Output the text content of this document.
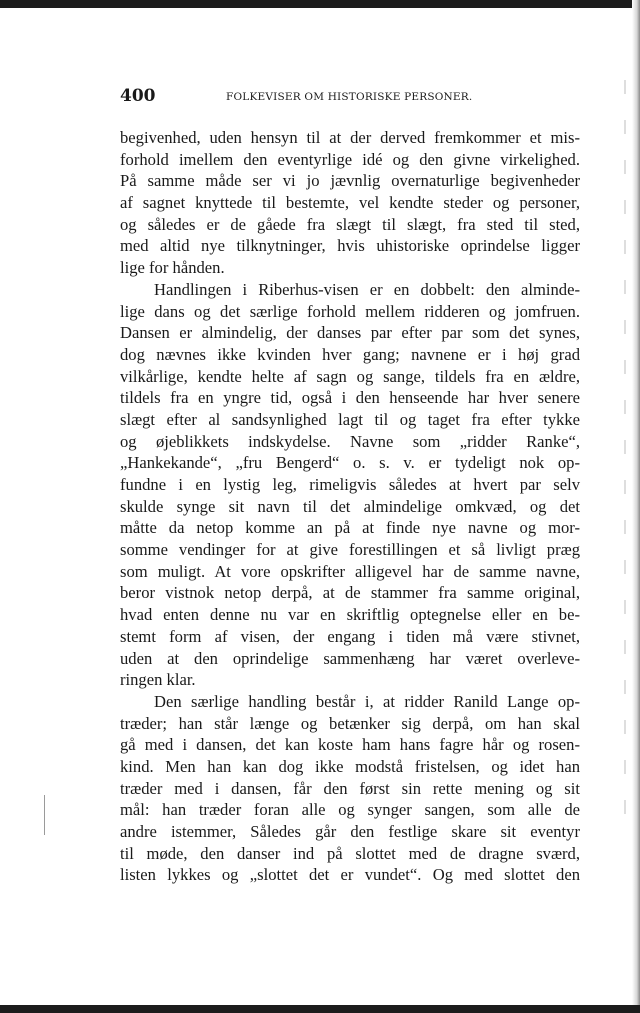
400	FOLKEVISER OM HISTORISKE PERSONER.
begivenhed, uden hensyn til at der derved fremkommer et mis-
forhold imellem den eventyrlige idé og den givne virkelighed.
På samme måde ser vi jo jævnlig overnaturlige begivenheder
af sagnet knyttede til bestemte, vel kendte steder og personer,
og således er de gåede fra slægt til slægt, fra sted til sted,
med altid nye tilknytninger, hvis uhistoriske oprindelse ligger
lige for hånden.
Handlingen i Riberhus-visen er en dobbelt: den alminde-
lige dans og det særlige forhold mellem ridderen og jomfruen.
Dansen er almindelig, der danses par efter par som det synes,
dog nævnes ikke kvinden hver gang; navnene er i høj grad
vilkårlige, kendte helte af sagn og sange, tildels fra en ældre,
tildels fra en yngre tid, også i den henseende har hver senere
slægt efter al sandsynlighed lagt til og taget fra efter tykke
og øjeblikkets indskydelse. Navne som „ridder Ranke“,
„Hankekande“, „fru Bengerd“ o. s. v. er tydeligt nok op-
fundne i en lystig leg, rimeligvis således at hvert par selv
skulde synge sit navn til det almindelige omkvæd, og det
måtte da netop komme an på at finde nye navne og mor-
somme vendinger for at give forestillingen et så livligt præg
som muligt. At vore opskrifter alligevel har de samme navne,
beror vistnok netop derpå, at de stammer fra samme original,
hvad enten denne nu var en skriftlig optegnelse eller en be-
stemt form af visen, der engang i tiden må være stivnet,
uden at den oprindelige sammenhæng har været overleve-
ringen klar.
Den særlige handling består i, at ridder Ranild Lange op-
træder; han står længe og betænker sig derpå, om han skal
gå med i dansen, det kan koste ham hans fagre hår og rosen-
kind. Men han kan dog ikke modstå fristelsen, og idet han
træder med i dansen, får den først sin rette mening og sit
mål: han træder foran alle og synger sangen, som alle de
andre istemmer, Således går den festlige skare sit eventyr
til møde, den danser ind på slottet med de dragne sværd,
listen lykkes og „slottet det er vundet“. Og med slottet den
